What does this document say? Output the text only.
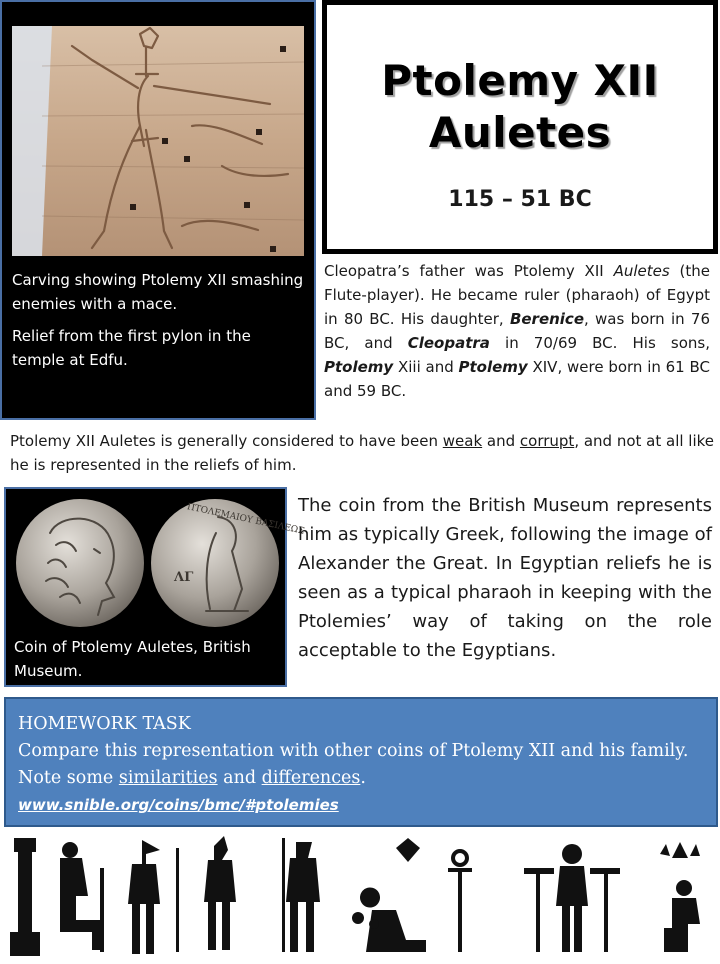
Carving showing Ptolemy XII smashing enemies with a mace.

Relief from the first pylon in the temple at Edfu.

Ptolemy XII
Auletes
115 – 51 BC

Cleopatra’s father was Ptolemy XII Auletes (the Flute-player). He became ruler (pharaoh) of Egypt in 80 BC. His daughter, Berenice, was born in 76 BC, and Cleopatra in 70/69 BC. His sons, Ptolemy Xiii and Ptolemy XIV, were born in 61 BC and 59 BC.

Ptolemy XII Auletes is generally considered to have been weak and corrupt, and not at all like he is represented in the reliefs of him.

ΠΤΟΛΕΜΑΙΟΥ ΒΑΣΙΛΕΩΣ
ΛΓ
Coin of Ptolemy Auletes, British Museum.

The coin from the British Museum represents him as typically Greek, following the image of Alexander the Great. In Egyptian reliefs he is seen as a typical pharaoh in keeping with the Ptolemies’ way of taking on the role acceptable to the Egyptians.

HOMEWORK TASK
Compare this representation with other coins of Ptolemy XII and his family.
Note some similarities and differences.
www.snible.org/coins/bmc/#ptolemies
